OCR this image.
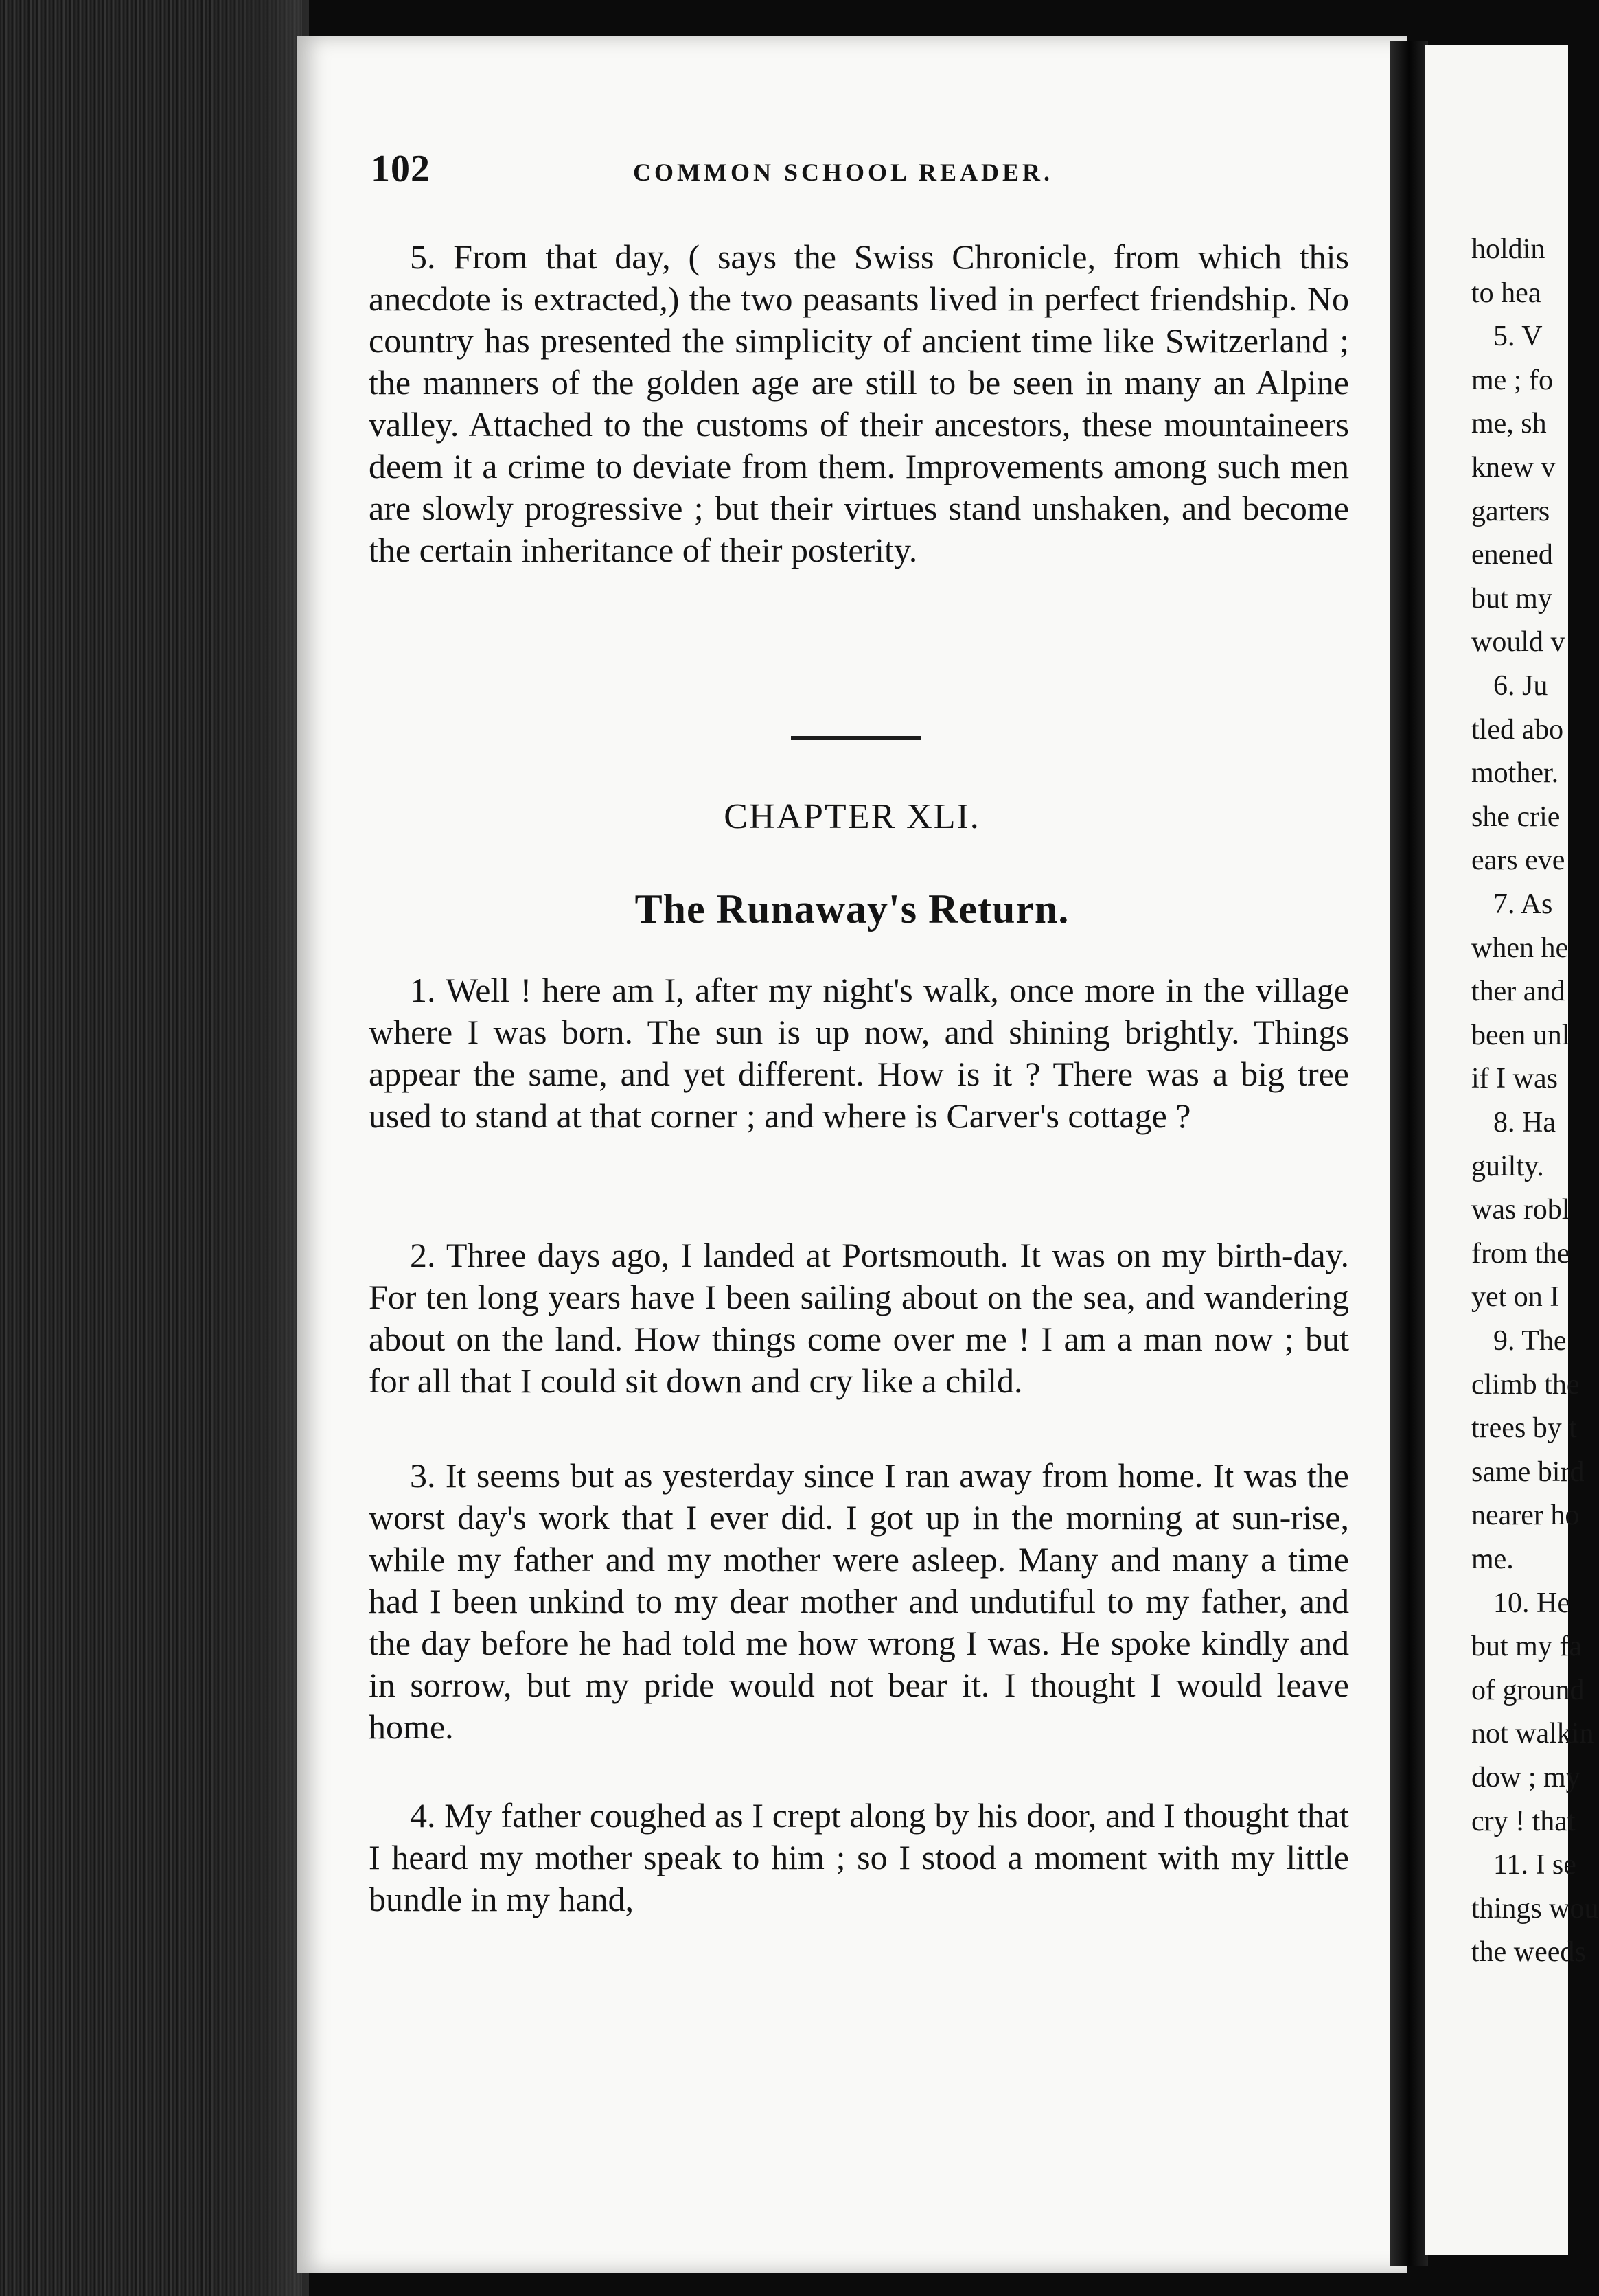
102	COMMON SCHOOL READER.

5. From that day, ( says the Swiss Chronicle, from which this anecdote is extracted,) the two peasants lived in perfect friendship. No country has presented the simplicity of ancient time like Switzerland ; the manners of the golden age are still to be seen in many an Alpine valley. Attached to the customs of their ancestors, these mountaineers deem it a crime to deviate from them. Improvements among such men are slowly progressive ; but their virtues stand unshaken, and become the certain inheritance of their posterity.

CHAPTER XLI.
The Runaway's Return.

1. Well ! here am I, after my night's walk, once more in the village where I was born. The sun is up now, and shining brightly. Things appear the same, and yet different. How is it ? There was a big tree used to stand at that corner ; and where is Carver's cottage ?

2. Three days ago, I landed at Portsmouth. It was on my birth-day. For ten long years have I been sailing about on the sea, and wandering about on the land. How things come over me ! I am a man now ; but for all that I could sit down and cry like a child.

3. It seems but as yesterday since I ran away from home. It was the worst day's work that I ever did. I got up in the morning at sun-rise, while my father and my mother were asleep. Many and many a time had I been unkind to my dear mother and undutiful to my father, and the day before he had told me how wrong I was. He spoke kindly and in sorrow, but my pride would not bear it. I thought I would leave home.

4. My father coughed as I crept along by his door, and I thought that I heard my mother speak to him ; so I stood a moment with my little bundle in my hand,

holdin

to hea

5. V

me ; fo

me, sh

knew v

garters

enened

but my

would v

6. Ju

tled abo

mother.

she crie

ears eve

7. As

when he

ther and

been unl

if I was

8. Ha

guilty.

was robl

from the

yet on I

9. The

climb the

trees by t

same bird

nearer ho

me.

10. He

but my fa

of ground

not walkin

dow ; my

cry ! that

11. I se

things wou

the weeds
